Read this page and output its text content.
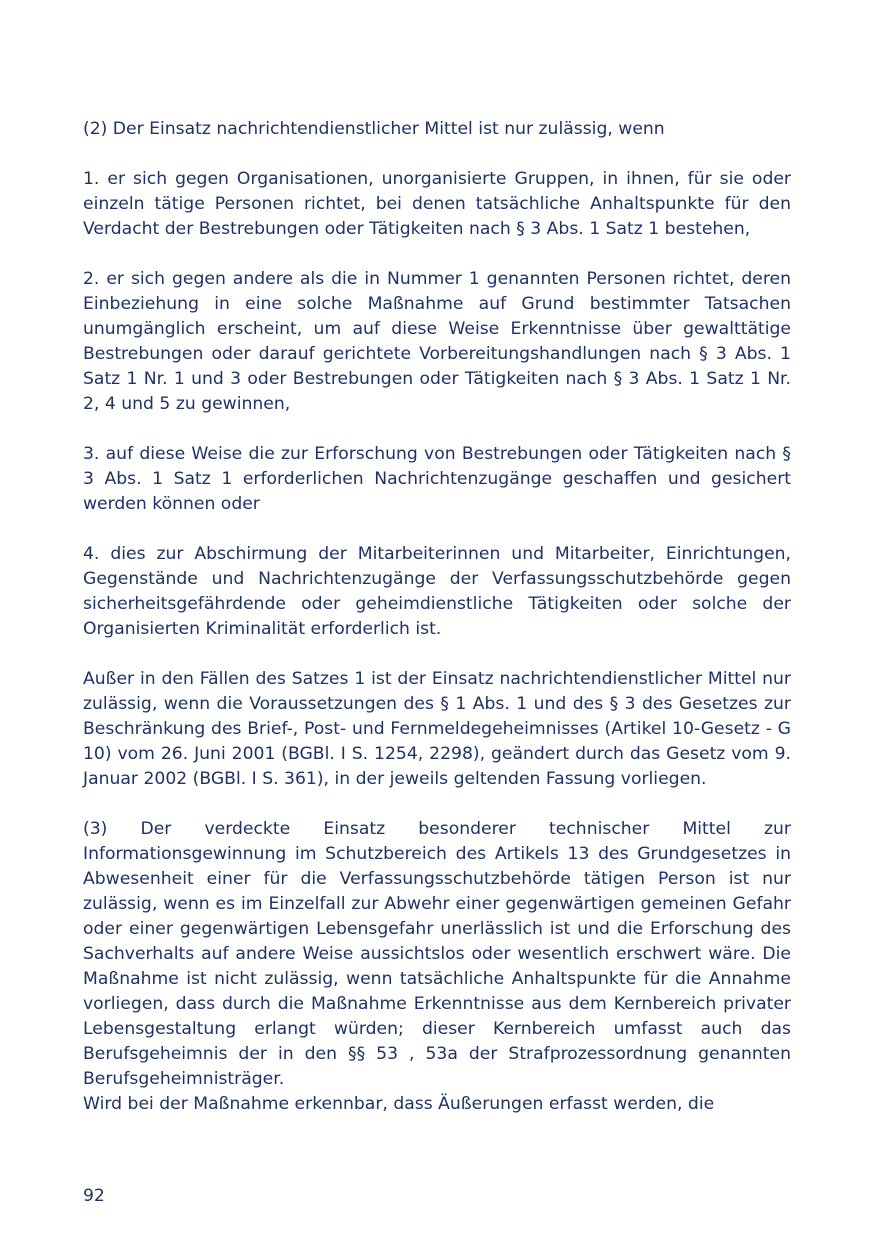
(2) Der Einsatz nachrichtendienstlicher Mittel ist nur zulässig, wenn

1. er sich gegen Organisationen, unorganisierte Gruppen, in ihnen, für sie oder einzeln tätige Personen richtet, bei denen tatsächliche Anhaltspunkte für den Verdacht der Bestrebungen oder Tätigkeiten nach § 3 Abs. 1 Satz 1 bestehen,

2. er sich gegen andere als die in Nummer 1 genannten Personen richtet, deren Einbeziehung in eine solche Maßnahme auf Grund bestimmter Tatsachen unumgänglich erscheint, um auf diese Weise Erkenntnisse über gewalttätige Bestrebungen oder darauf gerichtete Vorbereitungshandlungen nach § 3 Abs. 1 Satz 1 Nr. 1 und 3 oder Bestrebungen oder Tätigkeiten nach § 3 Abs. 1 Satz 1 Nr. 2, 4 und 5 zu gewinnen,

3. auf diese Weise die zur Erforschung von Bestrebungen oder Tätigkeiten nach § 3 Abs. 1 Satz 1 erforderlichen Nachrichtenzugänge geschaffen und gesichert werden können oder

4. dies zur Abschirmung der Mitarbeiterinnen und Mitarbeiter, Einrichtungen, Gegenstände und Nachrichtenzugänge der Verfassungsschutzbehörde gegen sicherheitsgefährdende oder geheimdienstliche Tätigkeiten oder solche der Organisierten Kriminalität erforderlich ist.

Außer in den Fällen des Satzes 1 ist der Einsatz nachrichtendienstlicher Mittel nur zulässig, wenn die Voraussetzungen des § 1 Abs. 1 und des § 3 des Gesetzes zur Beschränkung des Brief-, Post- und Fernmeldegeheimnisses (Artikel 10-Gesetz - G 10) vom 26. Juni 2001 (BGBl. I S. 1254, 2298), geändert durch das Gesetz vom 9. Januar 2002 (BGBl. I S. 361), in der jeweils geltenden Fassung vorliegen.

(3) Der verdeckte Einsatz besonderer technischer Mittel zur Informationsgewinnung im Schutzbereich des Artikels 13 des Grundgesetzes in Abwesenheit einer für die Verfassungsschutzbehörde tätigen Person ist nur zulässig, wenn es im Einzelfall zur Abwehr einer gegenwärtigen gemeinen Gefahr oder einer gegenwärtigen Lebensgefahr unerlässlich ist und die Erforschung des Sachverhalts auf andere Weise aussichtslos oder wesentlich erschwert wäre. Die Maßnahme ist nicht zulässig, wenn tatsächliche Anhaltspunkte für die Annahme vorliegen, dass durch die Maßnahme Erkenntnisse aus dem Kernbereich privater Lebensgestaltung erlangt würden; dieser Kernbereich umfasst auch das Berufsgeheimnis der in den §§ 53 , 53a der Strafprozessordnung genannten Berufsgeheimnisträger.

Wird bei der Maßnahme erkennbar, dass Äußerungen erfasst werden, die

92
